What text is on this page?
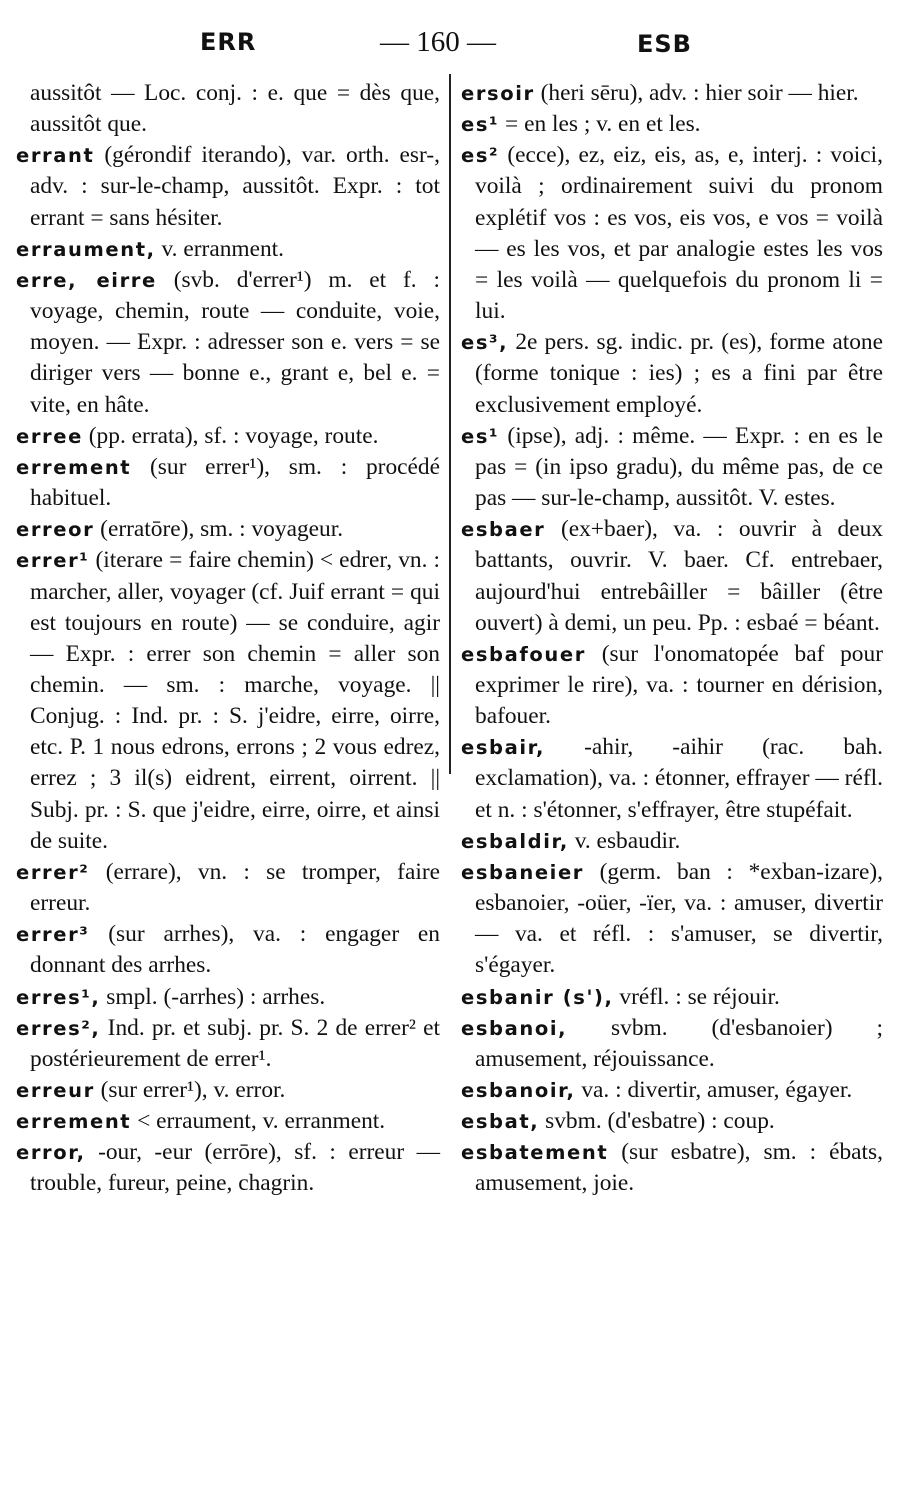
ERR	— 160 —	ESB

aussitôt — Loc. conj. : e. que = dès que, aussitôt que.

errant (gérondif iterando), var. orth. esr-, adv. : sur-le-champ, aussitôt. Expr. : tot errant = sans hésiter.

erraument, v. erranment.

erre, eirre (svb. d'errer¹) m. et f. : voyage, chemin, route — conduite, voie, moyen. — Expr. : adresser son e. vers = se diriger vers — bonne e., grant e, bel e. = vite, en hâte.

erree (pp. errata), sf. : voyage, route.

errement (sur errer¹), sm. : procédé habituel.

erreor (erratōre), sm. : voyageur.

errer¹ (iterare = faire chemin) < edrer, vn. : marcher, aller, voyager (cf. Juif errant = qui est toujours en route) — se conduire, agir — Expr. : errer son chemin = aller son chemin. — sm. : marche, voyage. || Conjug. : Ind. pr. : S. j'eidre, eirre, oirre, etc. P. 1 nous edrons, errons ; 2 vous edrez, errez ; 3 il(s) eidrent, eirrent, oirrent. || Subj. pr. : S. que j'eidre, eirre, oirre, et ainsi de suite.

errer² (errare), vn. : se tromper, faire erreur.

errer³ (sur arrhes), va. : engager en donnant des arrhes.

erres¹, smpl. (-arrhes) : arrhes.

erres², Ind. pr. et subj. pr. S. 2 de errer² et postérieurement de errer¹.

erreur (sur errer¹), v. error.

errement < erraument, v. erranment.

error, -our, -eur (errōre), sf. : erreur — trouble, fureur, peine, chagrin.

ersoir (heri sēru), adv. : hier soir — hier.

es¹ = en les ; v. en et les.

es² (ecce), ez, eiz, eis, as, e, interj. : voici, voilà ; ordinairement suivi du pronom explétif vos : es vos, eis vos, e vos = voilà — es les vos, et par analogie estes les vos = les voilà — quelquefois du pronom li = lui.

es³, 2e pers. sg. indic. pr. (es), forme atone (forme tonique : ies) ; es a fini par être exclusivement employé.

es¹ (ipse), adj. : même. — Expr. : en es le pas = (in ipso gradu), du même pas, de ce pas — sur-le-champ, aussitôt. V. estes.

esbaer (ex+baer), va. : ouvrir à deux battants, ouvrir. V. baer. Cf. entrebaer, aujourd'hui entrebâiller = bâiller (être ouvert) à demi, un peu. Pp. : esbaé = béant.

esbafouer (sur l'onomatopée baf pour exprimer le rire), va. : tourner en dérision, bafouer.

esbair, -ahir, -aihir (rac. bah. exclamation), va. : étonner, effrayer — réfl. et n. : s'étonner, s'effrayer, être stupéfait.

esbaldir, v. esbaudir.

esbaneier (germ. ban : *exban-izare), esbanoier, -oüer, -ïer, va. : amuser, divertir — va. et réfl. : s'amuser, se divertir, s'égayer.

esbanir (s'), vréfl. : se réjouir.

esbanoi, svbm. (d'esbanoier) ; amusement, réjouissance.

esbanoir, va. : divertir, amuser, égayer.

esbat, svbm. (d'esbatre) : coup.

esbatement (sur esbatre), sm. : ébats, amusement, joie.
